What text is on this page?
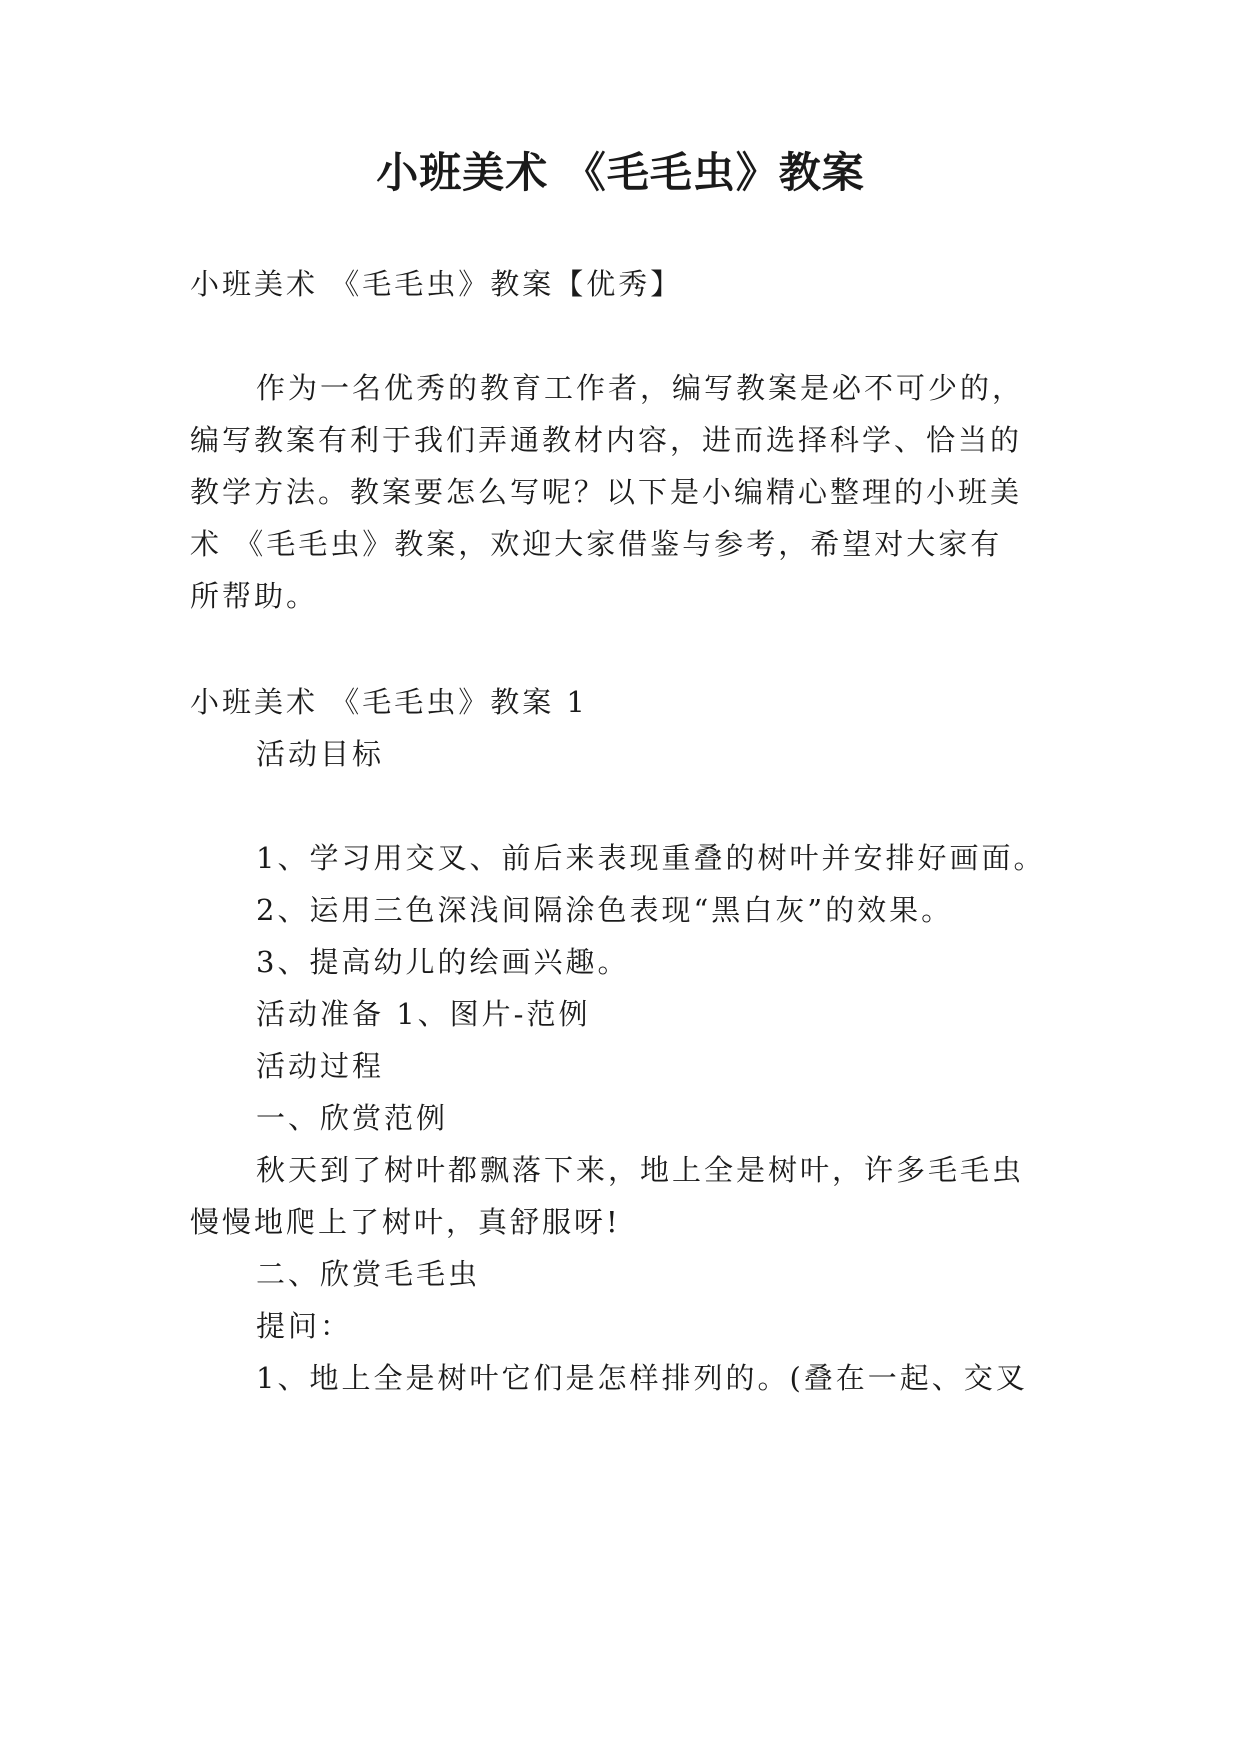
小班美术 《毛毛虫》教案
小班美术 《毛毛虫》教案【优秀】
作为一名优秀的教育工作者，编写教案是必不可少的，
编写教案有利于我们弄通教材内容，进而选择科学、恰当的
教学方法。教案要怎么写呢？以下是小编精心整理的小班美
术 《毛毛虫》教案，欢迎大家借鉴与参考，希望对大家有
所帮助。
小班美术 《毛毛虫》教案 1
活动目标
1、学习用交叉、前后来表现重叠的树叶并安排好画面。
2、运用三色深浅间隔涂色表现“黑白灰”的效果。
3、提高幼儿的绘画兴趣。
活动准备 1、图片-范例
活动过程
一、欣赏范例
秋天到了树叶都飘落下来，地上全是树叶，许多毛毛虫
慢慢地爬上了树叶，真舒服呀!
二、欣赏毛毛虫
提问：
1、地上全是树叶它们是怎样排列的。(叠在一起、交叉
